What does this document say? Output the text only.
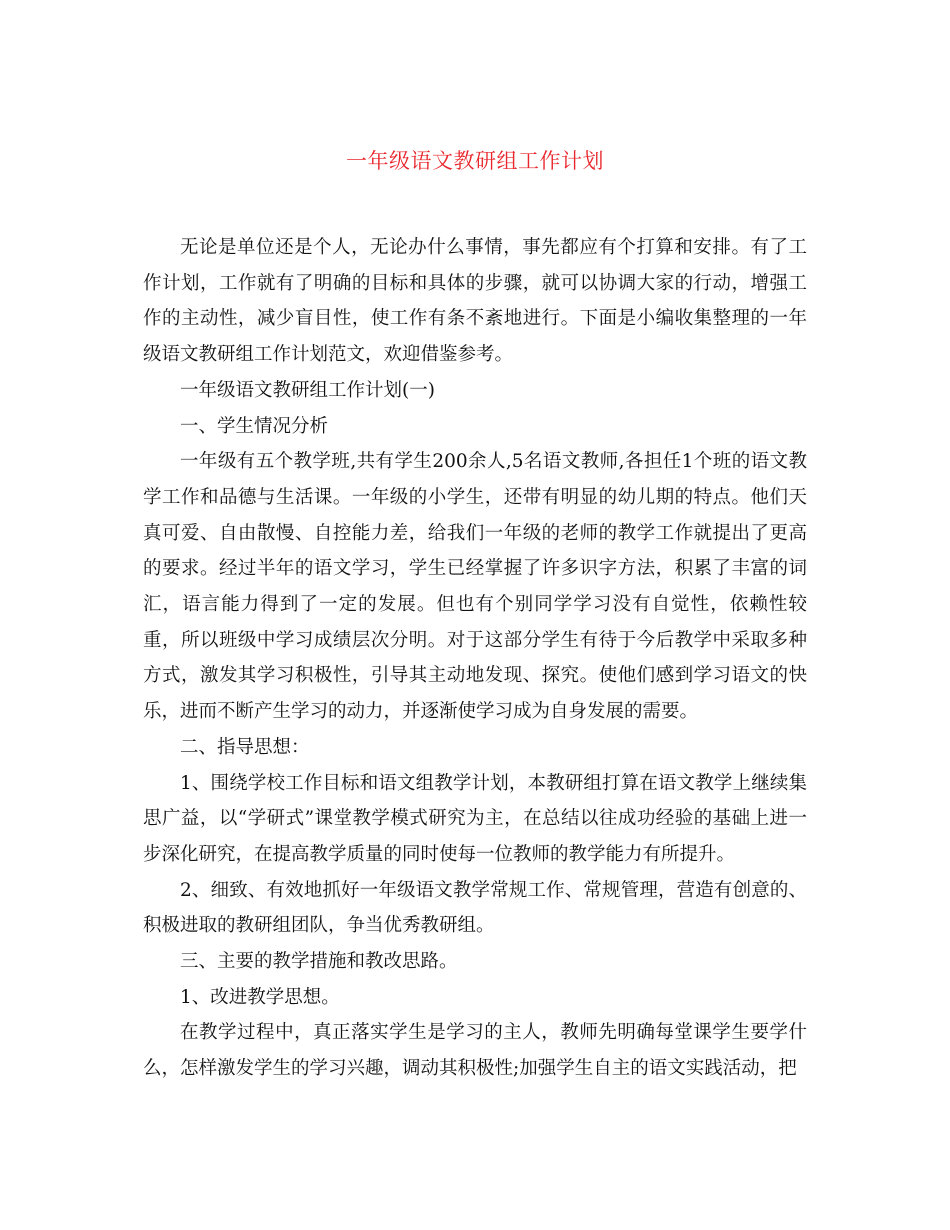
一年级语文教研组工作计划

无论是单位还是个人，无论办什么事情，事先都应有个打算和安排。有了工作计划，工作就有了明确的目标和具体的步骤，就可以协调大家的行动，增强工作的主动性，减少盲目性，使工作有条不紊地进行。下面是小编收集整理的一年级语文教研组工作计划范文，欢迎借鉴参考。

一年级语文教研组工作计划(一)

一、学生情况分析

一年级有五个教学班,共有学生200余人,5名语文教师,各担任1个班的语文教学工作和品德与生活课。一年级的小学生，还带有明显的幼儿期的特点。他们天真可爱、自由散慢、自控能力差，给我们一年级的老师的教学工作就提出了更高的要求。经过半年的语文学习，学生已经掌握了许多识字方法，积累了丰富的词汇，语言能力得到了一定的发展。但也有个别同学学习没有自觉性，依赖性较重，所以班级中学习成绩层次分明。对于这部分学生有待于今后教学中采取多种方式，激发其学习积极性，引导其主动地发现、探究。使他们感到学习语文的快乐，进而不断产生学习的动力，并逐渐使学习成为自身发展的需要。

二、指导思想：

1、围绕学校工作目标和语文组教学计划，本教研组打算在语文教学上继续集思广益，以“学研式”课堂教学模式研究为主，在总结以往成功经验的基础上进一步深化研究，在提高教学质量的同时使每一位教师的教学能力有所提升。

2、细致、有效地抓好一年级语文教学常规工作、常规管理，营造有创意的、积极进取的教研组团队，争当优秀教研组。

三、主要的教学措施和教改思路。

1、改进教学思想。

在教学过程中，真正落实学生是学习的主人，教师先明确每堂课学生要学什么，怎样激发学生的学习兴趣，调动其积极性;加强学生自主的语文实践活动，把
